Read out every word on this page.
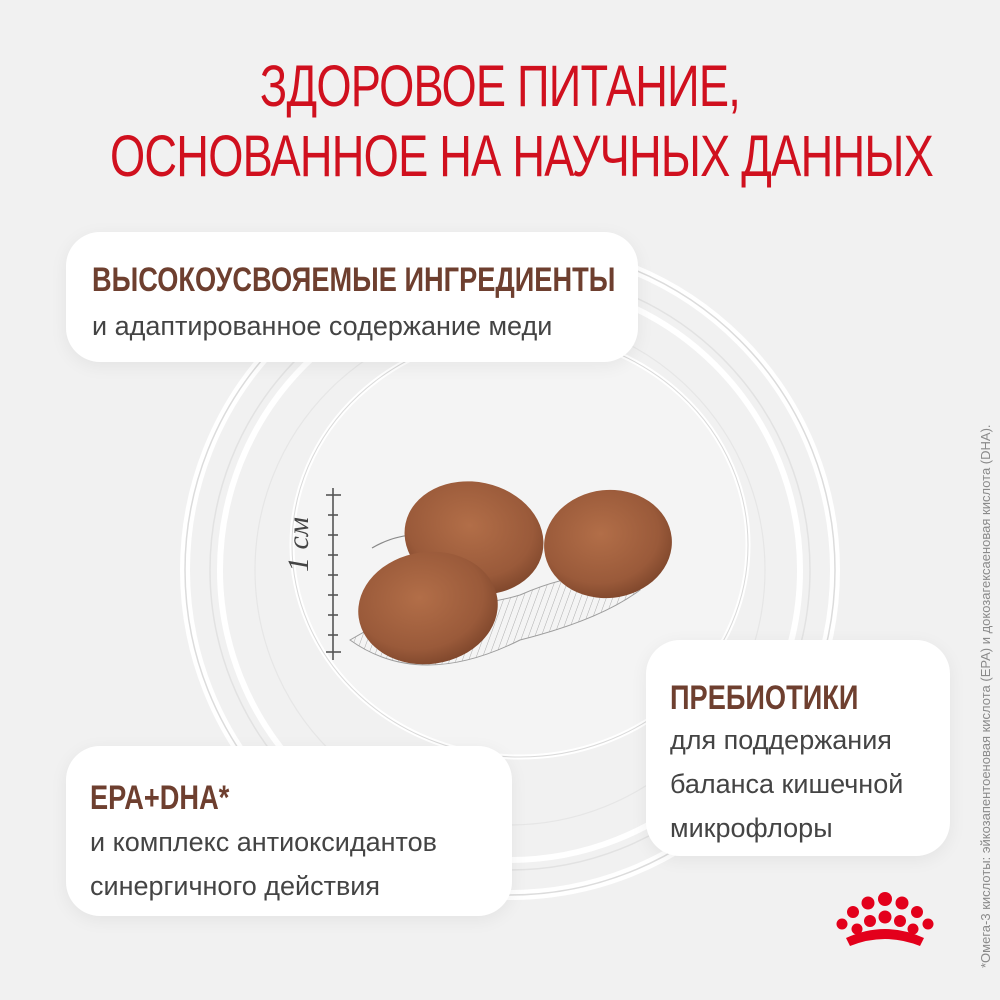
1 см
ЗДОРОВОЕ ПИТАНИЕ,
ОСНОВАННОЕ НА НАУЧНЫХ ДАННЫХ
ВЫСОКОУСВОЯЕМЫЕ ИНГРЕДИЕНТЫ
и адаптированное содержание меди
EPA+DHA*
и комплекс антиоксидантов
синергичного действия
ПРЕБИОТИКИ
для поддержания
баланса кишечной
микрофлоры	*Омега-3 кислоты: эйкозапентоеновая кислота (EPA) и докозагексаеновая кислота (DHA).
